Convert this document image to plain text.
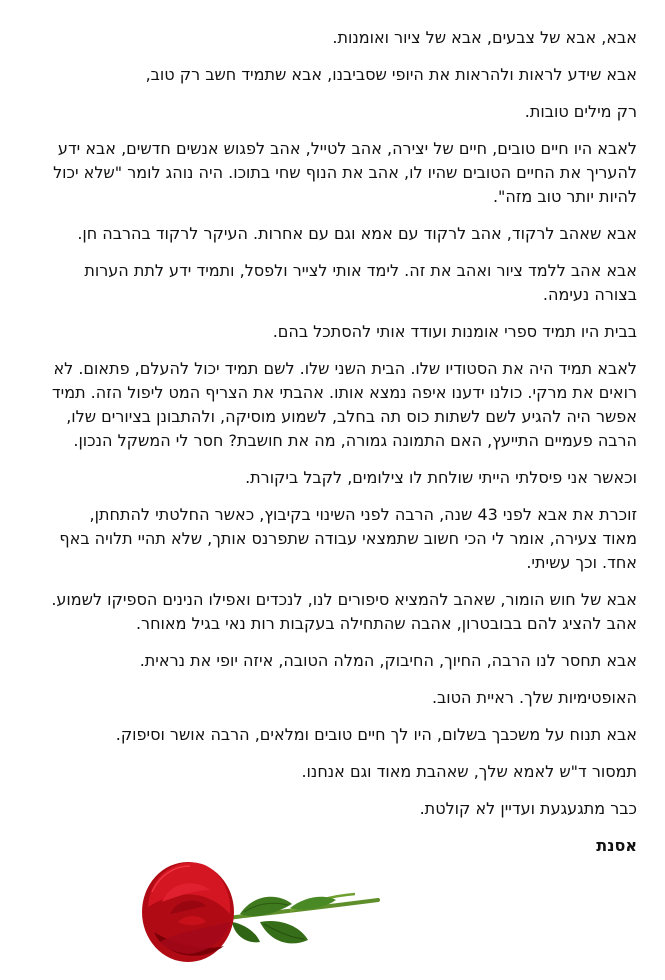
אבא, אבא של צבעים, אבא של ציור ואומנות.

אבא שידע לראות ולהראות את היופי שסביבנו, אבא שתמיד חשב רק טוב,

רק מילים טובות.

לאבא היו חיים טובים, חיים של יצירה, אהב לטייל, אהב לפגוש אנשים חדשים, אבא ידע להעריך את החיים הטובים שהיו לו, אהב את הנוף שחי בתוכו. היה נוהג לומר "שלא יכול להיות יותר טוב מזה".

אבא שאהב לרקוד, אהב לרקוד עם אמא וגם עם אחרות. העיקר לרקוד בהרבה חן.

אבא אהב ללמד ציור ואהב את זה. לימד אותי לצייר ולפסל, ותמיד ידע לתת הערות בצורה נעימה.

בבית היו תמיד ספרי אומנות ועודד אותי להסתכל בהם.

לאבא תמיד היה את הסטודיו שלו. הבית השני שלו. לשם תמיד יכול להעלם, פתאום. לא רואים את מרקי. כולנו ידענו איפה נמצא אותו. אהבתי את הצריף המט ליפול הזה. תמיד אפשר היה להגיע לשם לשתות כוס תה בחלב, לשמוע מוסיקה, ולהתבונן בציורים שלו, הרבה פעמיים התייעץ, האם התמונה גמורה, מה את חושבת? חסר לי המשקל הנכון.

וכאשר אני פיסלתי הייתי שולחת לו צילומים, לקבל ביקורת.

זוכרת את אבא לפני 43 שנה, הרבה לפני השינוי בקיבוץ, כאשר החלטתי להתחתן, מאוד צעירה, אומר לי הכי חשוב שתמצאי עבודה שתפרנס אותך, שלא תהיי תלויה באף אחד. וכך עשיתי.

אבא של חוש הומור, שאהב להמציא סיפורים לנו, לנכדים ואפילו הנינים הספיקו לשמוע. אהב להציג להם בבובטרון, אהבה שהתחילה בעקבות רות נאי בגיל מאוחר.

אבא תחסר לנו הרבה, החיוך, החיבוק, המלה הטובה, איזה יופי את נראית.

האופטימיות שלך. ראיית הטוב.

אבא תנוח על משכבך בשלום, היו לך חיים טובים ומלאים, הרבה אושר וסיפוק.

תמסור ד"ש לאמא שלך, שאהבת מאוד וגם אנחנו.

כבר מתגעגעת ועדיין לא קולטת.

אסנת
